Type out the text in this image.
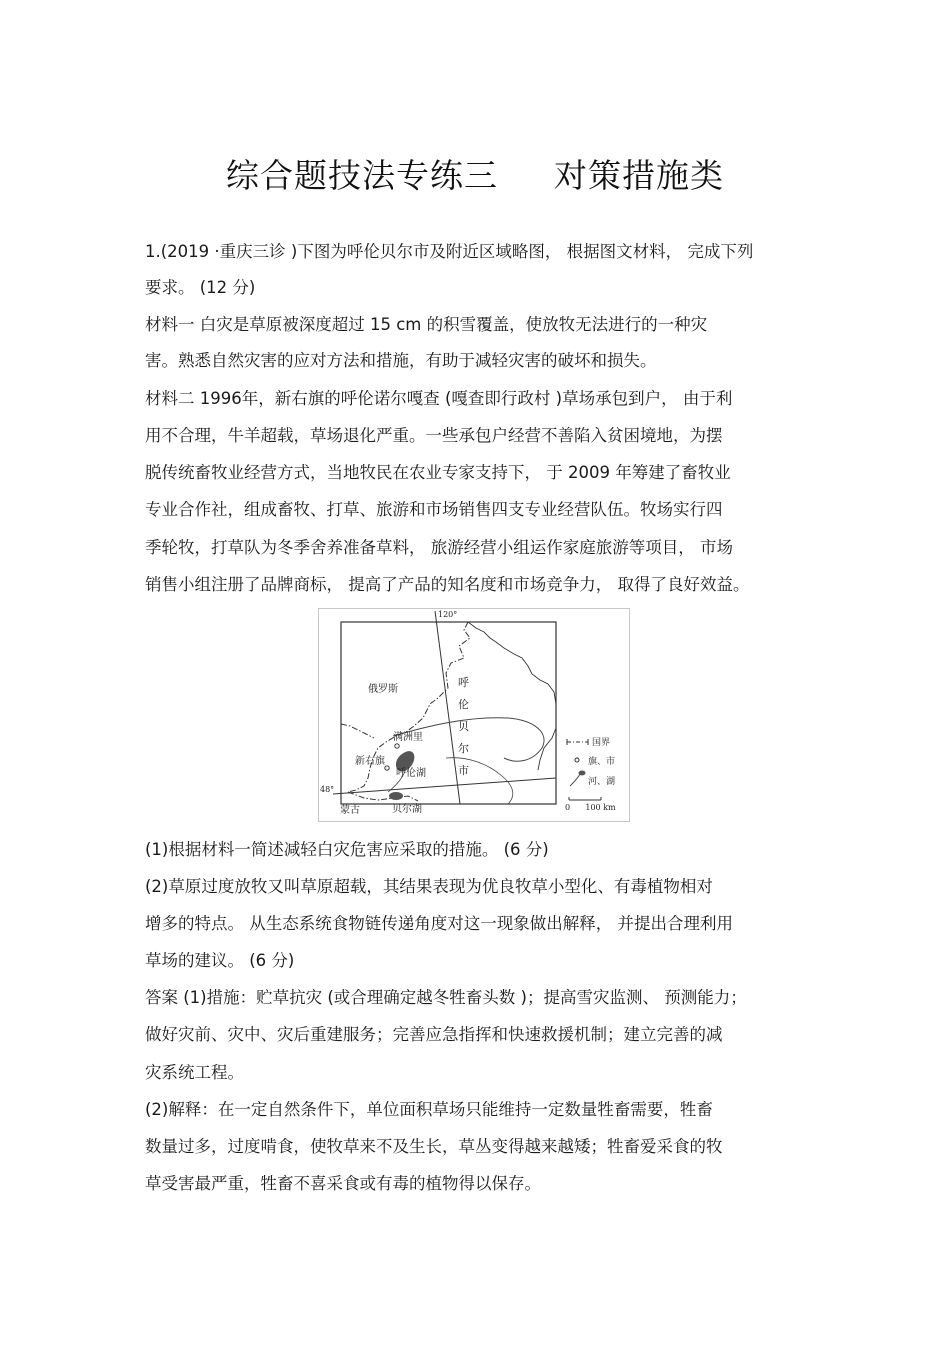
综合题技法专练三 对策措施类
1.(2019 ·重庆三诊 )下图为呼伦贝尔市及附近区域略图， 根据图文材料， 完成下列
要求。 (12 分)
材料一 白灾是草原被深度超过 15 cm 的积雪覆盖，使放牧无法进行的一种灾
害。熟悉自然灾害的应对方法和措施，有助于减轻灾害的破坏和损失。
材料二 1996年，新右旗的呼伦诺尔嘎查 (嘎查即行政村 )草场承包到户， 由于利
用不合理，牛羊超载，草场退化严重。一些承包户经营不善陷入贫困境地，为摆
脱传统畜牧业经营方式，当地牧民在农业专家支持下， 于 2009 年筹建了畜牧业
专业合作社，组成畜牧、打草、旅游和市场销售四支专业经营队伍。牧场实行四
季轮牧，打草队为冬季舍养准备草料， 旅游经营小组运作家庭旅游等项目， 市场
销售小组注册了品牌商标， 提高了产品的知名度和市场竞争力， 取得了良好效益。
120°
48°
俄罗斯
呼
伦
贝
尔
市
满洲里
新右旗
呼伦湖
蒙古	贝尔湖
国界
旗、市
河、湖
0      100 km
(1)根据材料一简述减轻白灾危害应采取的措施。 (6 分)
(2)草原过度放牧又叫草原超载，其结果表现为优良牧草小型化、有毒植物相对
增多的特点。 从生态系统食物链传递角度对这一现象做出解释， 并提出合理利用
草场的建议。 (6 分)
答案 (1)措施：贮草抗灾 (或合理确定越冬牲畜头数 )；提高雪灾监测、 预测能力；
做好灾前、灾中、灾后重建服务；完善应急指挥和快速救援机制；建立完善的减
灾系统工程。
(2)解释：在一定自然条件下，单位面积草场只能维持一定数量牲畜需要，牲畜
数量过多，过度啃食，使牧草来不及生长，草丛变得越来越矮；牲畜爱采食的牧
草受害最严重，牲畜不喜采食或有毒的植物得以保存。
